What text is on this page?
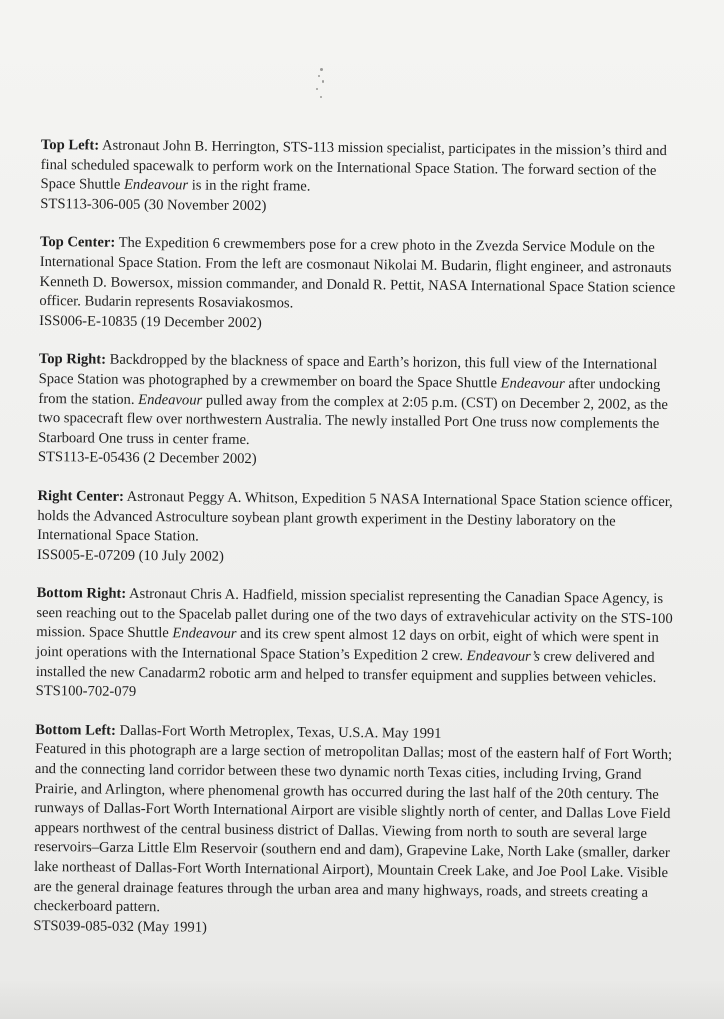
Top Left: Astronaut John B. Herrington, STS-113 mission specialist, participates in the mission’s third and final scheduled spacewalk to perform work on the International Space Station. The forward section of the Space Shuttle Endeavour is in the right frame.

STS113-306-005 (30 November 2002)

Top Center: The Expedition 6 crewmembers pose for a crew photo in the Zvezda Service Module on the International Space Station. From the left are cosmonaut Nikolai M. Budarin, flight engineer, and astronauts Kenneth D. Bowersox, mission commander, and Donald R. Pettit, NASA International Space Station science officer. Budarin represents Rosaviakosmos.

ISS006-E-10835 (19 December 2002)

Top Right: Backdropped by the blackness of space and Earth’s horizon, this full view of the International Space Station was photographed by a crewmember on board the Space Shuttle Endeavour after undocking from the station. Endeavour pulled away from the complex at 2:05 p.m. (CST) on December 2, 2002, as the two spacecraft flew over northwestern Australia. The newly installed Port One truss now complements the Starboard One truss in center frame.

STS113-E-05436 (2 December 2002)

Right Center: Astronaut Peggy A. Whitson, Expedition 5 NASA International Space Station science officer, holds the Advanced Astroculture soybean plant growth experiment in the Destiny laboratory on the International Space Station.

ISS005-E-07209 (10 July 2002)

Bottom Right: Astronaut Chris A. Hadfield, mission specialist representing the Canadian Space Agency, is seen reaching out to the Spacelab pallet during one of the two days of extravehicular activity on the STS-100 mission. Space Shuttle Endeavour and its crew spent almost 12 days on orbit, eight of which were spent in joint operations with the International Space Station’s Expedition 2 crew. Endeavour’s crew delivered and installed the new Canadarm2 robotic arm and helped to transfer equipment and supplies between vehicles.

STS100-702-079

Bottom Left: Dallas-Fort Worth Metroplex, Texas, U.S.A. May 1991

Featured in this photograph are a large section of metropolitan Dallas; most of the eastern half of Fort Worth; and the connecting land corridor between these two dynamic north Texas cities, including Irving, Grand Prairie, and Arlington, where phenomenal growth has occurred during the last half of the 20th century. The runways of Dallas-Fort Worth International Airport are visible slightly north of center, and Dallas Love Field appears northwest of the central business district of Dallas. Viewing from north to south are several large reservoirs–Garza Little Elm Reservoir (southern end and dam), Grapevine Lake, North Lake (smaller, darker lake northeast of Dallas-Fort Worth International Airport), Mountain Creek Lake, and Joe Pool Lake. Visible are the general drainage features through the urban area and many highways, roads, and streets creating a checkerboard pattern.

STS039-085-032 (May 1991)
